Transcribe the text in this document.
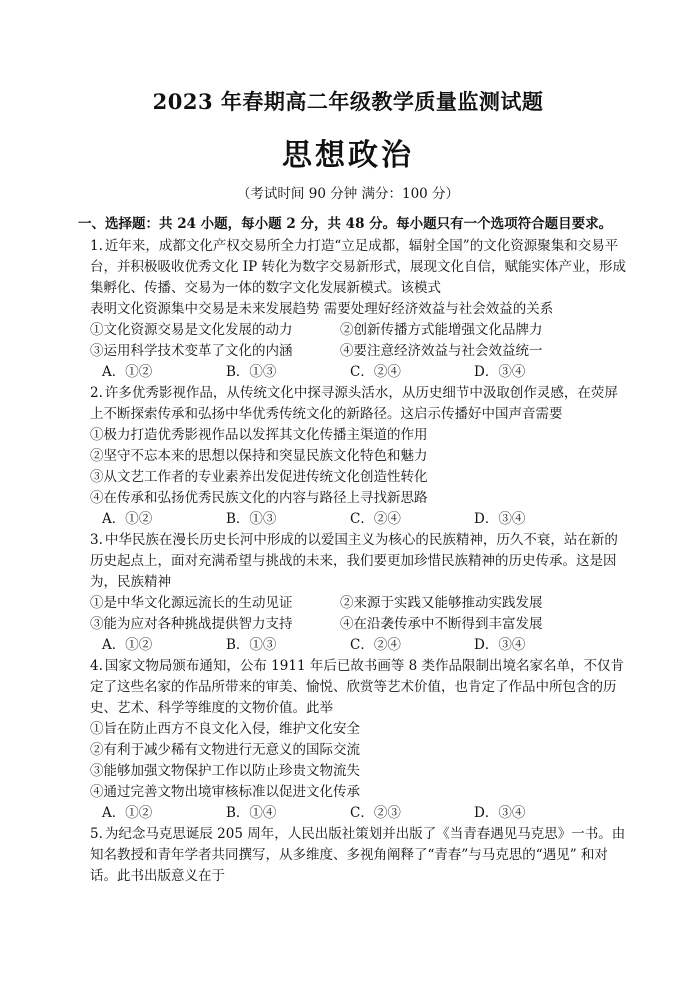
2023 年春期高二年级教学质量监测试题
思想政治
（考试时间 90 分钟 满分：100 分）
一、选择题：共 24 小题，每小题 2 分，共 48 分。每小题只有一个选项符合题目要求。
1. 近年来，成都文化产权交易所全力打造“立足成都，辐射全国”的文化资源聚集和交易平台，并积极吸收优秀文化 IP 转化为数字交易新形式，展现文化自信，赋能实体产业，形成集孵化、传播、交易为一体的数字文化发展新模式。该模式
表明文化资源集中交易是未来发展趋势 需要处理好经济效益与社会效益的关系
①文化资源交易是文化发展的动力	②创新传播方式能增强文化品牌力
③运用科学技术变革了文化的内涵	④要注意经济效益与社会效益统一
A．①②	B．①③	C．②④	D．③④
2. 许多优秀影视作品，从传统文化中探寻源头活水，从历史细节中汲取创作灵感，在荧屏上不断探索传承和弘扬中华优秀传统文化的新路径。这启示传播好中国声音需要
①极力打造优秀影视作品以发挥其文化传播主渠道的作用
②坚守不忘本来的思想以保持和突显民族文化特色和魅力
③从文艺工作者的专业素养出发促进传统文化创造性转化
④在传承和弘扬优秀民族文化的内容与路径上寻找新思路
A．①②	B．①③	C．②④	D．③④
3. 中华民族在漫长历史长河中形成的以爱国主义为核心的民族精神，历久不衰，站在新的历史起点上，面对充满希望与挑战的未来，我们要更加珍惜民族精神的历史传承。这是因为，民族精神
①是中华文化源远流长的生动见证	②来源于实践又能够推动实践发展
③能为应对各种挑战提供智力支持	④在沿袭传承中不断得到丰富发展
A．①②	B．①③	C．②④	D．③④
4. 国家文物局颁布通知，公布 1911 年后已故书画等 8 类作品限制出境名家名单，不仅肯定了这些名家的作品所带来的审美、愉悦、欣赏等艺术价值，也肯定了作品中所包含的历史、艺术、科学等维度的文物价值。此举
①旨在防止西方不良文化入侵，维护文化安全
②有利于减少稀有文物进行无意义的国际交流
③能够加强文物保护工作以防止珍贵文物流失
④通过完善文物出境审核标准以促进文化传承
A．①②	B．①④	C．②③	D．③④
5. 为纪念马克思诞辰 205 周年，人民出版社策划并出版了《当青春遇见马克思》一书。由知名教授和青年学者共同撰写，从多维度、多视角阐释了“青春”与马克思的“遇见” 和对话。此书出版意义在于
